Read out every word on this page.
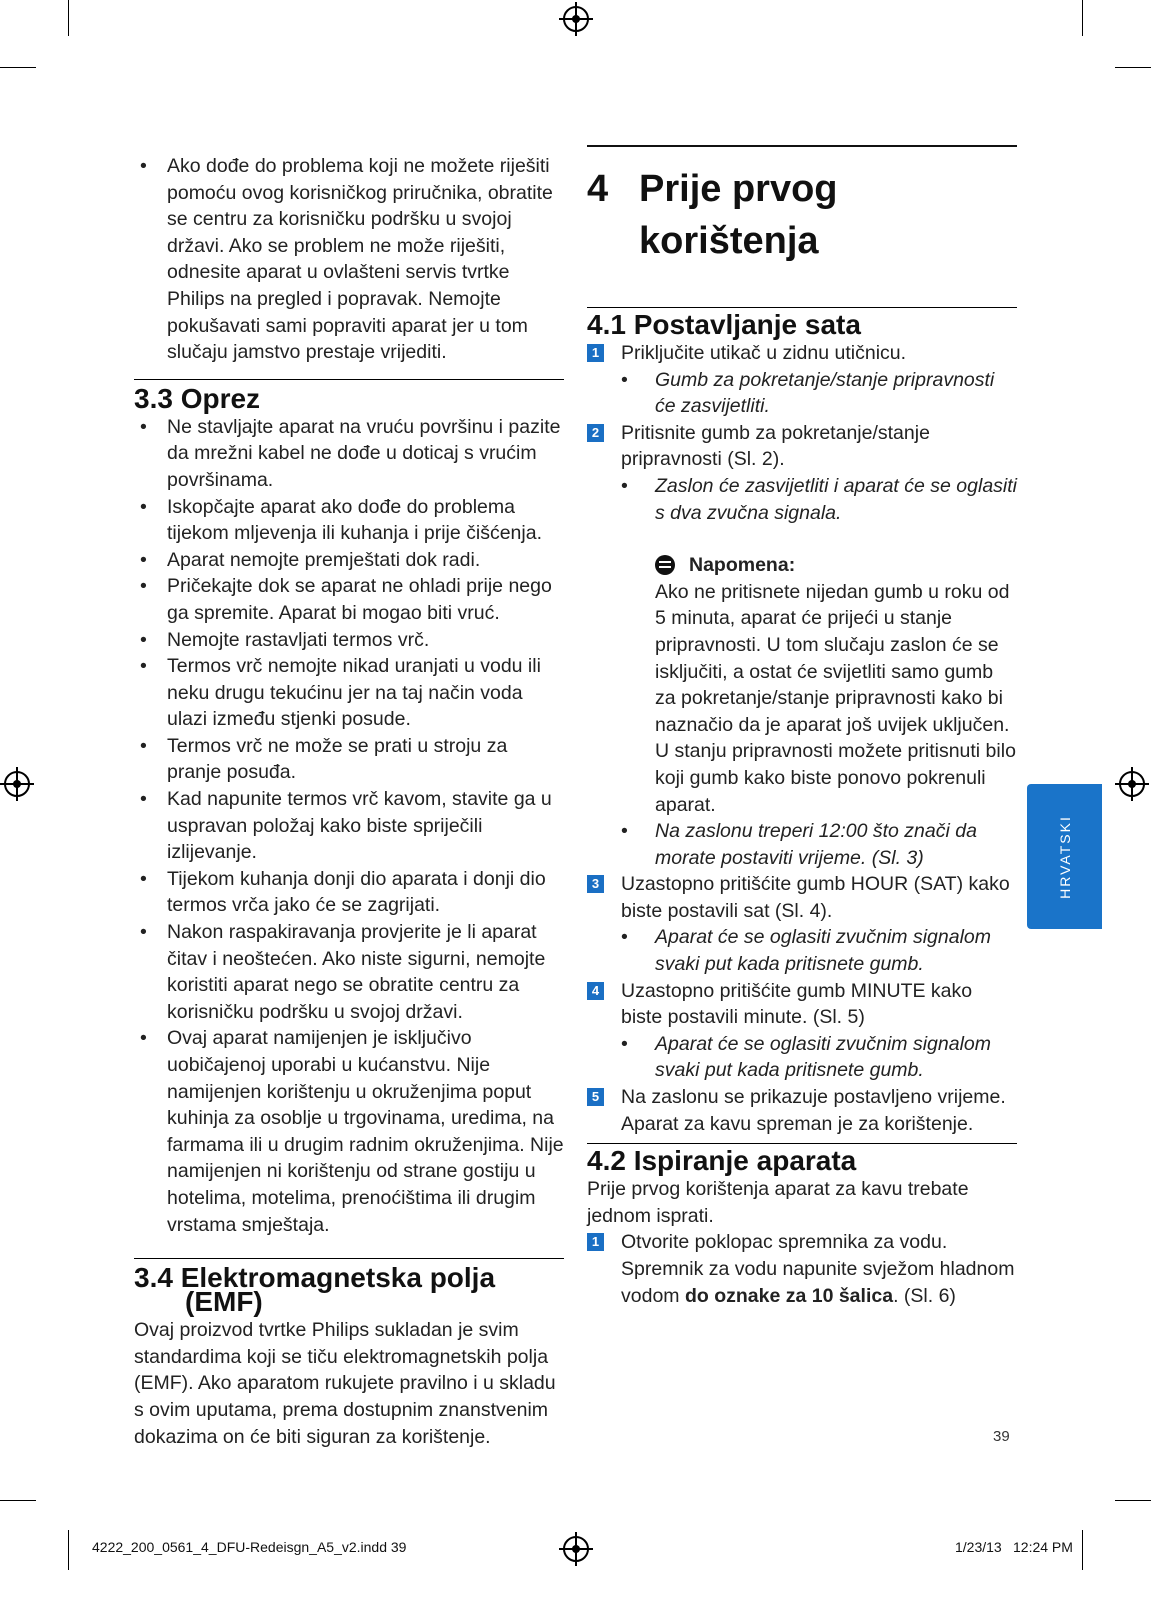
• Ako dođe do problema koji ne možete riješiti pomoću ovog korisničkog priručnika, obratite se centru za korisničku podršku u svojoj državi. Ako se problem ne može riješiti, odnesite aparat u ovlašteni servis tvrtke Philips na pregled i popravak. Nemojte pokušavati sami popraviti aparat jer u tom slučaju jamstvo prestaje vrijediti.

3.3 Oprez

• Ne stavljajte aparat na vruću površinu i pazite da mrežni kabel ne dođe u doticaj s vrućim površinama.

• Iskopčajte aparat ako dođe do problema tijekom mljevenja ili kuhanja i prije čišćenja.

• Aparat nemojte premještati dok radi.

• Pričekajte dok se aparat ne ohladi prije nego ga spremite. Aparat bi mogao biti vruć.

• Nemojte rastavljati termos vrč.

• Termos vrč nemojte nikad uranjati u vodu ili neku drugu tekućinu jer na taj način voda ulazi između stjenki posude.

• Termos vrč ne može se prati u stroju za pranje posuđa.

• Kad napunite termos vrč kavom, stavite ga u uspravan položaj kako biste spriječili izlijevanje.

• Tijekom kuhanja donji dio aparata i donji dio termos vrča jako će se zagrijati.

• Nakon raspakiravanja provjerite je li aparat čitav i neoštećen. Ako niste sigurni, nemojte koristiti aparat nego se obratite centru za korisničku podršku u svojoj državi.

• Ovaj aparat namijenjen je isključivo uobičajenoj uporabi u kućanstvu. Nije namijenjen korištenju u okruženjima poput kuhinja za osoblje u trgovinama, uredima, na farmama ili u drugim radnim okruženjima. Nije namijenjen ni korištenju od strane gostiju u hotelima, motelima, prenoćištima ili drugim vrstama smještaja.

3.4 Elektromagnetska polja
(EMF)

Ovaj proizvod tvrtke Philips sukladan je svim standardima koji se tiču elektromagnetskih polja (EMF). Ako aparatom rukujete pravilno i u skladu s ovim uputama, prema dostupnim znanstvenim dokazima on će biti siguran za korištenje.

4 Prije prvog
korištenja
4.1 Postavljanje sata
1 Priključite utikač u zidnu utičnicu.
• Gumb za pokretanje/stanje pripravnosti će zasvijetliti.
2 Pritisnite gumb za pokretanje/stanje pripravnosti (Sl. 2).
• Zaslon će zasvijetliti i aparat će se oglasiti s dva zvučna signala.
Napomena:
Ako ne pritisnete nijedan gumb u roku od 5 minuta, aparat će prijeći u stanje pripravnosti. U tom slučaju zaslon će se isključiti, a ostat će svijetliti samo gumb za pokretanje/stanje pripravnosti kako bi naznačio da je aparat još uvijek uključen. U stanju pripravnosti možete pritisnuti bilo koji gumb kako biste ponovo pokrenuli aparat.
• Na zaslonu treperi 12:00 što znači da morate postaviti vrijeme. (Sl. 3)
3 Uzastopno pritišćite gumb HOUR (SAT) kako biste postavili sat (Sl. 4).
• Aparat će se oglasiti zvučnim signalom svaki put kada pritisnete gumb.
4 Uzastopno pritišćite gumb MINUTE kako biste postavili minute. (Sl. 5)
• Aparat će se oglasiti zvučnim signalom svaki put kada pritisnete gumb.
5 Na zaslonu se prikazuje postavljeno vrijeme. Aparat za kavu spreman je za korištenje.
4.2 Ispiranje aparata
Prije prvog korištenja aparat za kavu trebate jednom isprati.
1 Otvorite poklopac spremnika za vodu. Spremnik za vodu napunite svježom hladnom vodom do oznake za 10 šalica. (Sl. 6)
HRVATSKI
39
4222_200_0561_4_DFU-Redeisgn_A5_v2.indd 39	1/23/13 12:24 PM
